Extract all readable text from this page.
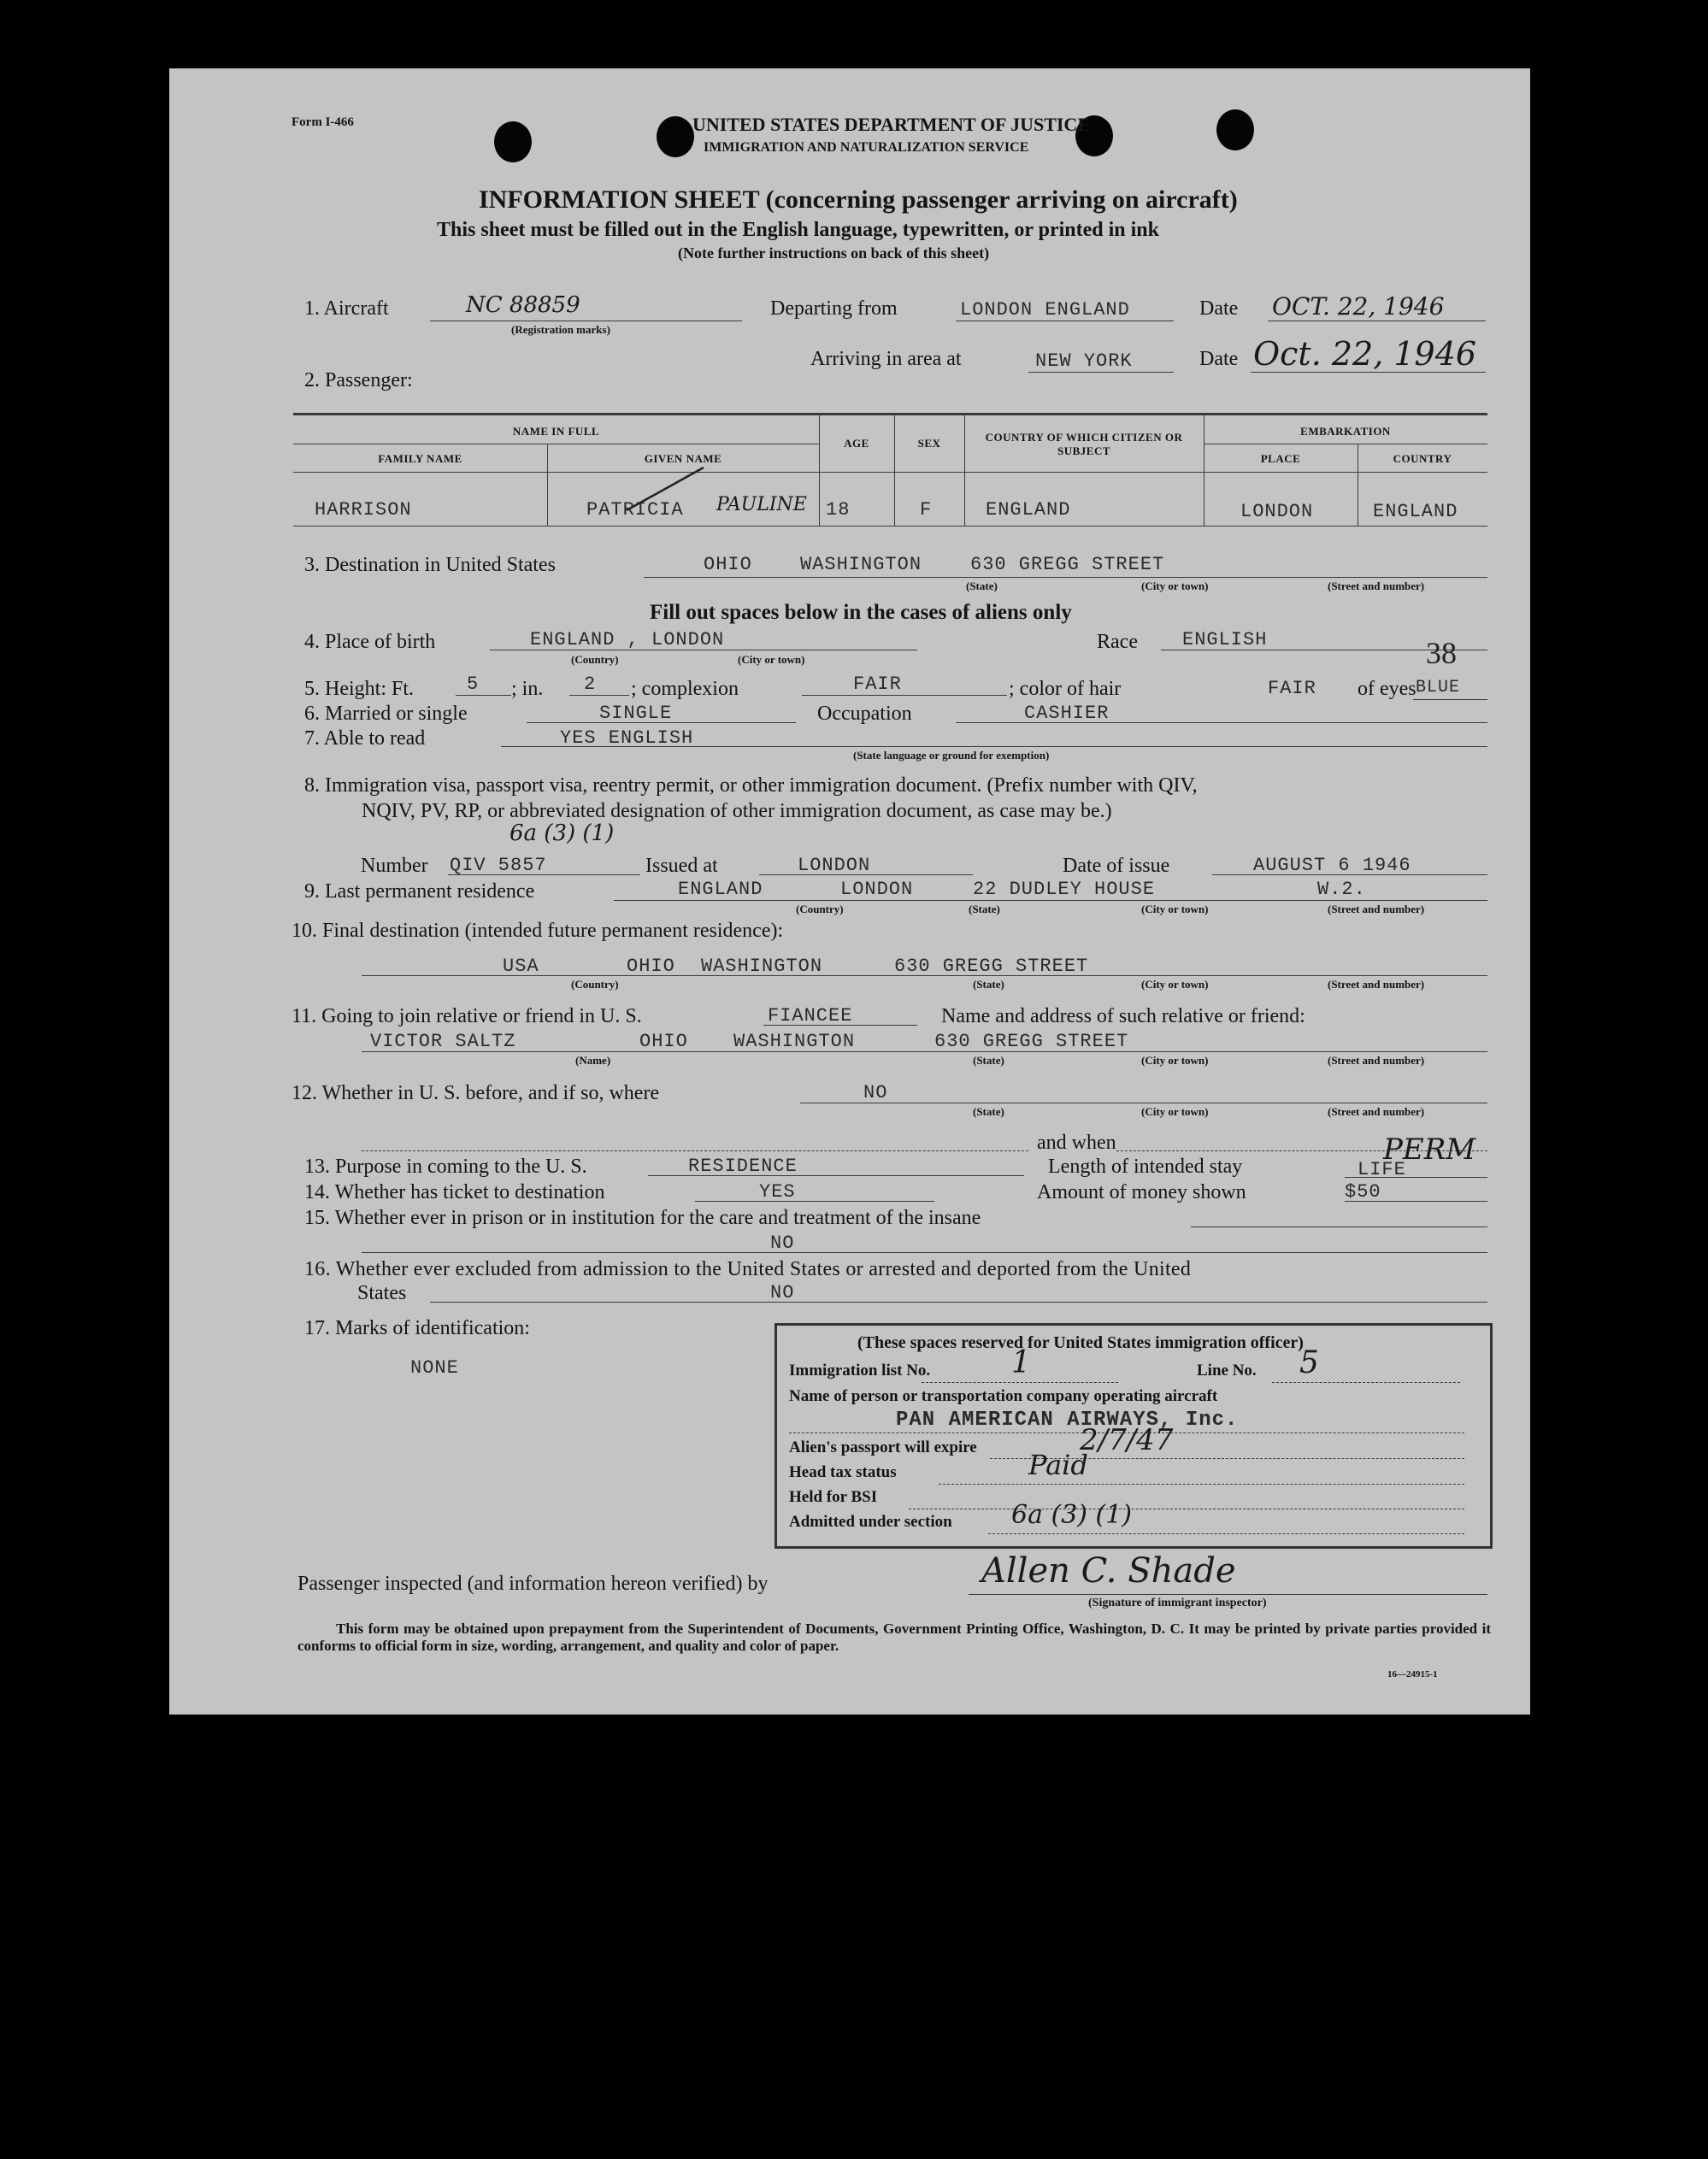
Form I-466	UNITED STATES DEPARTMENT OF JUSTICE
IMMIGRATION AND NATURALIZATION SERVICE
INFORMATION SHEET (concerning passenger arriving on aircraft)
This sheet must be filled out in the English language, typewritten, or printed in ink
(Note further instructions on back of this sheet)
1. Aircraft	NC 88859
(Registration marks)
Departing from	LONDON ENGLAND	Date OCT. 22, 1946
Arriving in area at	NEW YORK	Date Oct. 22, 1946
2. Passenger:
NAME IN FULL
FAMILY NAME	GIVEN NAME
AGE	SEX	COUNTRY OF WHICH CITIZEN OR SUBJECT
EMBARKATION
PLACE	COUNTRY
HARRISON	PATRICIA PAULINE 18	F	ENGLAND	LONDON	ENGLAND
3. Destination in United States	OHIO	WASHINGTON	630 GREGG STREET
(State)	(City or town)	(Street and number)
Fill out spaces below in the cases of aliens only
4. Place of birth	ENGLAND , LONDON
(Country)	(City or town)
Race ENGLISH	38
5. Height: Ft.	5 ; in. 2 ; complexion	FAIR	; color of hair	FAIR of eyes BLUE
6. Married or single	SINGLE	Occupation	CASHIER
7. Able to read	YES ENGLISH
(State language or ground for exemption)
8. Immigration visa, passport visa, reentry permit, or other immigration document. (Prefix number with QIV,
NQIV, PV, RP, or abbreviated designation of other immigration document, as case may be.)
6a (3) (1)
Number QIV 5857	Issued at	LONDON	Date of issue	AUGUST 6 1946
9. Last permanent residence	ENGLAND	LONDON	22 DUDLEY HOUSE	W.2.
(Country)	(State)	(City or town)	(Street and number)
10. Final destination (intended future permanent residence):
USA	OHIO WASHINGTON	630 GREGG STREET
(Country)	(State)	(City or town)	(Street and number)
11. Going to join relative or friend in U. S.	FIANCEE	Name and address of such relative or friend:
VICTOR SALTZ	OHIO WASHINGTON	630 GREGG STREET
(Name)	(State)	(City or town)	(Street and number)
12. Whether in U. S. before, and if so, where	NO
(State)	(City or town)	(Street and number)
and when
13. Purpose in coming to the U. S.	RESIDENCE	Length of intended stay	LIFE
PERM
14. Whether has ticket to destination	YES	Amount of money shown	$50
15. Whether ever in prison or in institution for the care and treatment of the insane
NO
16. Whether ever excluded from admission to the United States or arrested and deported from the United
States	NO
17. Marks of identification:
NONE
(These spaces reserved for United States immigration officer)
Immigration list No.	1	Line No. 5
Name of person or transportation company operating aircraft
PAN AMERICAN AIRWAYS, Inc.
Alien's passport will expire	2/7/47
Head tax status	Paid
Held for BSI
Admitted under section 6a (3) (1)
Passenger inspected (and information hereon verified) by	Allen C. Shade
(Signature of immigrant inspector)
This form may be obtained upon prepayment from the Superintendent of Documents, Government Printing Office, Washington, D. C. It may be printed by private parties provided it conforms to official form in size, wording, arrangement, and quality and color of paper.
16—24915-1
